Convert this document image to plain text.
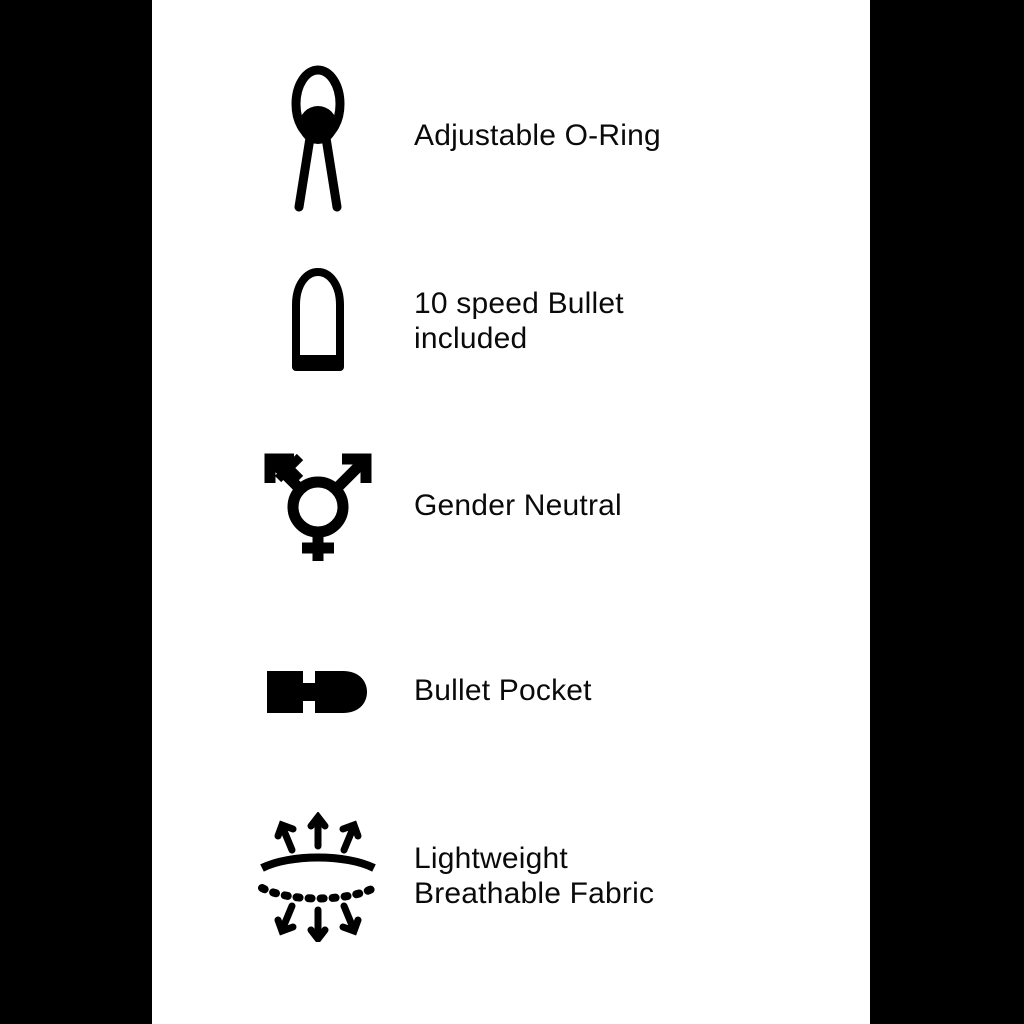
Adjustable O-Ring
10 speed Bullet
included
Gender Neutral
Bullet Pocket
Lightweight
Breathable Fabric
